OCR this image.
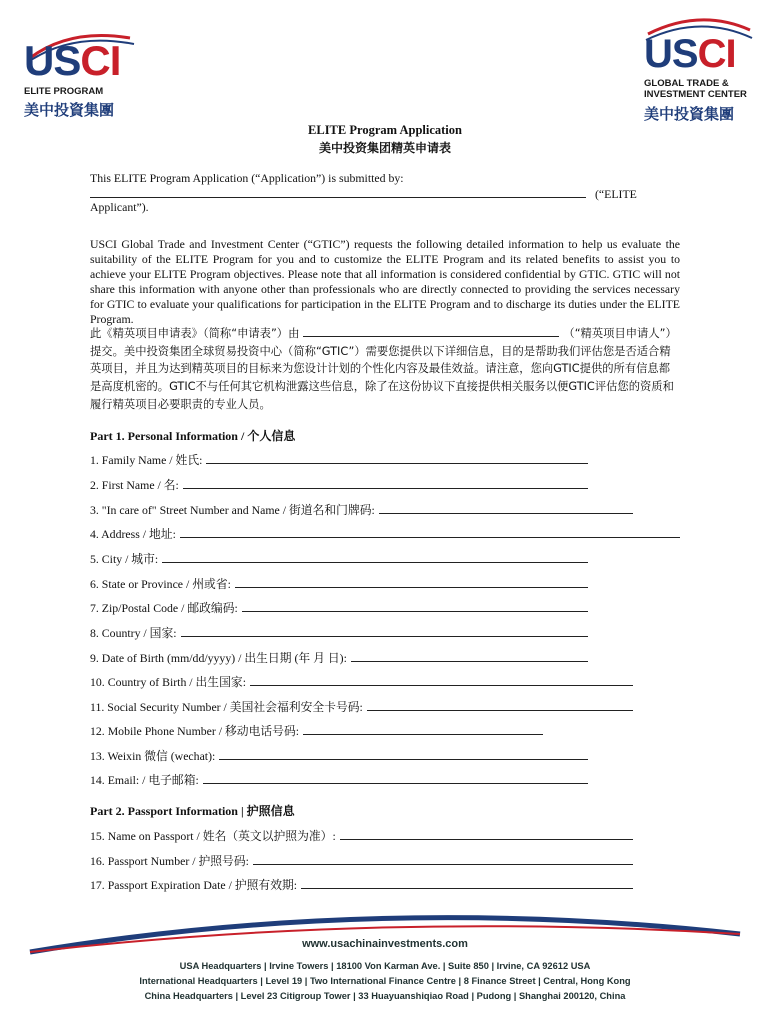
USCI
ELITE PROGRAM
美中投資集團
USCI
GLOBAL TRADE &
INVESTMENT CENTER
美中投資集團
ELITE Program Application
美中投资集团精英申请表
This ELITE Program Application (“Application”) is submitted by:
(“ELITE
Applicant”).
USCI Global Trade and Investment Center (“GTIC”) requests the following detailed information to help us evaluate the suitability of the ELITE Program for you and to customize the ELITE Program and its related benefits to assist you to achieve your ELITE Program objectives. Please note that all information is considered confidential by GTIC. GTIC will not share this information with anyone other than professionals who are directly connected to providing the services necessary for GTIC to evaluate your qualifications for participation in the ELITE Program and to discharge its duties under the ELITE Program.
此《精英项目申请表》（简称“申请表”）由	（“精英项目申请人”）提交。美中投资集团全球贸易投资中心（简称“GTIC”）需要您提供以下详细信息，目的是帮助我们评估您是否适合精英项目，并且为达到精英项目的目标来为您设计计划的个性化内容及最佳效益。请注意，您向GTIC提供的所有信息都是高度机密的。GTIC不与任何其它机构泄露这些信息，除了在这份协议下直接提供相关服务以便GTIC评估您的资质和履行精英项目必要职责的专业人员。
Part 1. Personal Information / 个人信息
1. Family Name / 姓氏:
2. First Name / 名:
3. "In care of" Street Number and Name / 街道名和门牌码:
4. Address / 地址:
5. City / 城市:
6. State or Province / 州或省:
7. Zip/Postal Code / 邮政编码:
8. Country / 国家:
9. Date of Birth (mm/dd/yyyy) / 出生日期 (年 月 日):
10. Country of Birth / 出生国家:
11. Social Security Number / 美国社会福利安全卡号码:
12. Mobile Phone Number / 移动电话号码:
13. Weixin 微信 (wechat):
14. Email: / 电子邮箱:
15. Name on Passport / 姓名（英文以护照为准）:
16. Passport Number / 护照号码:
17. Passport Expiration Date / 护照有效期:
Part 2. Passport Information | 护照信息
www.usachinainvestments.com
USA Headquarters | Irvine Towers | 18100 Von Karman Ave. | Suite 850 | Irvine, CA 92612 USA
International Headquarters | Level 19 | Two International Finance Centre | 8 Finance Street | Central, Hong Kong
China Headquarters | Level 23 Citigroup Tower | 33 Huayuanshiqiao Road | Pudong | Shanghai 200120, China
